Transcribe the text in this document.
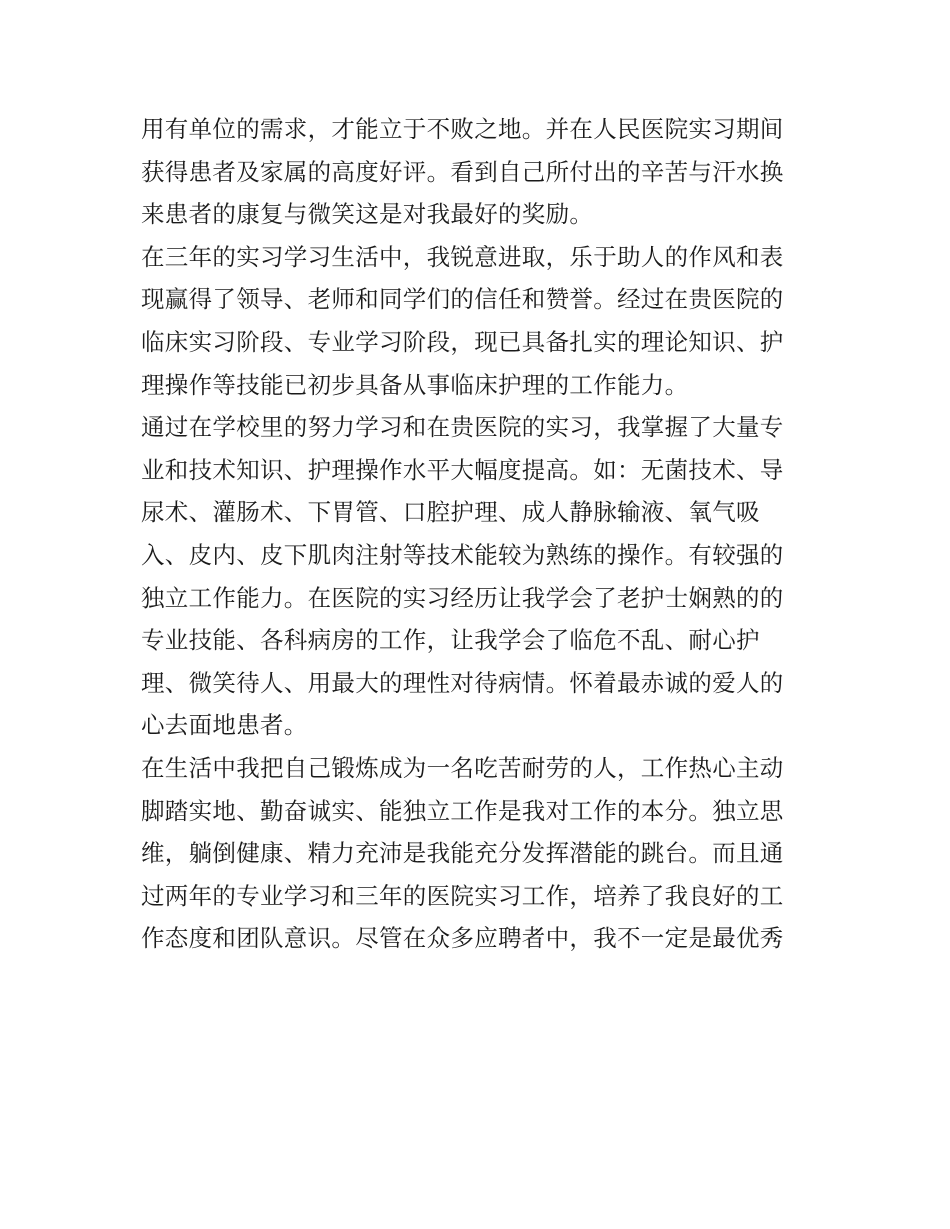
用有单位的需求，才能立于不败之地。并在人民医院实习期间
获得患者及家属的高度好评。看到自己所付出的辛苦与汗水换
来患者的康复与微笑这是对我最好的奖励。
在三年的实习学习生活中，我锐意进取，乐于助人的作风和表
现赢得了领导、老师和同学们的信任和赞誉。经过在贵医院的
临床实习阶段、专业学习阶段，现已具备扎实的理论知识、护
理操作等技能已初步具备从事临床护理的工作能力。
通过在学校里的努力学习和在贵医院的实习，我掌握了大量专
业和技术知识、护理操作水平大幅度提高。如：无菌技术、导
尿术、灌肠术、下胃管、口腔护理、成人静脉输液、氧气吸
入、皮内、皮下肌肉注射等技术能较为熟练的操作。有较强的
独立工作能力。在医院的实习经历让我学会了老护士娴熟的的
专业技能、各科病房的工作，让我学会了临危不乱、耐心护
理、微笑待人、用最大的理性对待病情。怀着最赤诚的爱人的
心去面地患者。
在生活中我把自己锻炼成为一名吃苦耐劳的人，工作热心主动
脚踏实地、勤奋诚实、能独立工作是我对工作的本分。独立思
维，躺倒健康、精力充沛是我能充分发挥潜能的跳台。而且通
过两年的专业学习和三年的医院实习工作，培养了我良好的工
作态度和团队意识。尽管在众多应聘者中，我不一定是最优秀
